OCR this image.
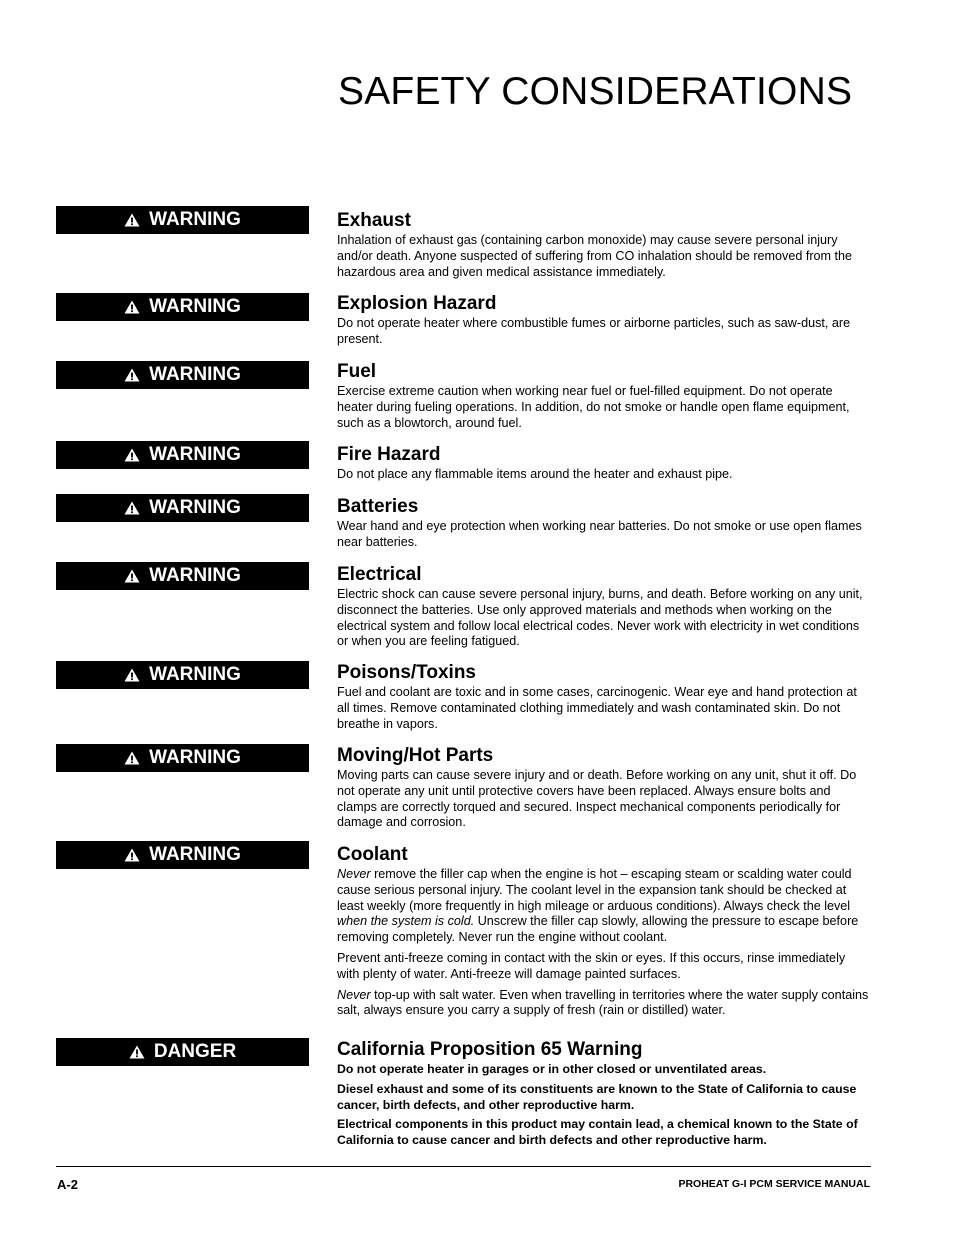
SAFETY CONSIDERATIONS
WARNING	Exhaust

Inhalation of exhaust gas (containing carbon monoxide) may cause severe personal injury and/or death. Anyone suspected of suffering from CO inhalation should be removed from the hazardous area and given medical assistance immediately.

WARNING	Explosion Hazard

Do not operate heater where combustible fumes or airborne particles, such as saw-dust, are present.

WARNING	Fuel

Exercise extreme caution when working near fuel or fuel-filled equipment. Do not operate heater during fueling operations. In addition, do not smoke or handle open flame equipment, such as a blowtorch, around fuel.

WARNING	Fire Hazard

Do not place any flammable items around the heater and exhaust pipe.

WARNING	Batteries

Wear hand and eye protection when working near batteries. Do not smoke or use open flames near batteries.

WARNING	Electrical

Electric shock can cause severe personal injury, burns, and death. Before working on any unit, disconnect the batteries. Use only approved materials and methods when working on the electrical system and follow local electrical codes. Never work with electricity in wet conditions or when you are feeling fatigued.

WARNING	Poisons/Toxins

Fuel and coolant are toxic and in some cases, carcinogenic. Wear eye and hand protection at all times. Remove contaminated clothing immediately and wash contaminated skin. Do not breathe in vapors.

WARNING	Moving/Hot Parts

Moving parts can cause severe injury and or death. Before working on any unit, shut it off. Do not operate any unit until protective covers have been replaced. Always ensure bolts and clamps are correctly torqued and secured. Inspect mechanical components periodically for damage and corrosion.

WARNING	Coolant

Never remove the filler cap when the engine is hot – escaping steam or scalding water could cause serious personal injury. The coolant level in the expansion tank should be checked at least weekly (more frequently in high mileage or arduous conditions). Always check the level when the system is cold. Unscrew the filler cap slowly, allowing the pressure to escape before removing completely. Never run the engine without coolant.

Prevent anti-freeze coming in contact with the skin or eyes. If this occurs, rinse immediately with plenty of water. Anti-freeze will damage painted surfaces.

Never top-up with salt water. Even when travelling in territories where the water supply contains salt, always ensure you carry a supply of fresh (rain or distilled) water.

DANGER	California Proposition 65 Warning

Do not operate heater in garages or in other closed or unventilated areas.

Diesel exhaust and some of its constituents are known to the State of California to cause cancer, birth defects, and other reproductive harm.

Electrical components in this product may contain lead, a chemical known to the State of California to cause cancer and birth defects and other reproductive harm.

A-2	PROHEAT G-I PCM SERVICE MANUAL
